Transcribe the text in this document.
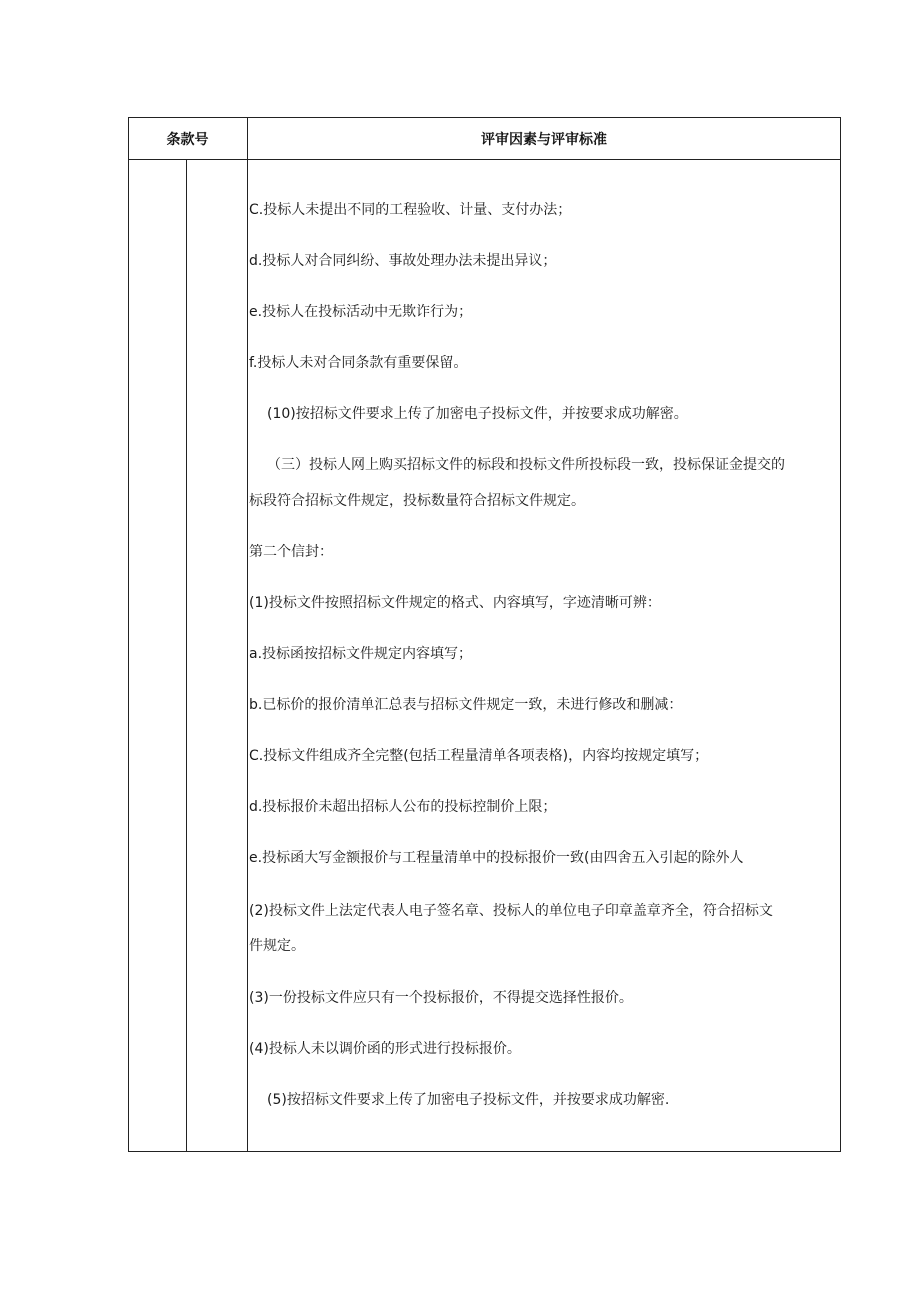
条款号	评审因素与评审标准
C.投标人未提出不同的工程验收、计量、支付办法；
d.投标人对合同纠纷、事故处理办法未提出异议；
e.投标人在投标活动中无欺诈行为；
f.投标人未对合同条款有重要保留。
(10)按招标文件要求上传了加密电子投标文件，并按要求成功解密。
（三）投标人网上购买招标文件的标段和投标文件所投标段一致，投标保证金提交的
标段符合招标文件规定，投标数量符合招标文件规定。
第二个信封：
(1)投标文件按照招标文件规定的格式、内容填写，字迹清晰可辨：
a.投标函按招标文件规定内容填写；
b.已标价的报价清单汇总表与招标文件规定一致，未进行修改和删减：
C.投标文件组成齐全完整(包括工程量清单各项表格)，内容均按规定填写；
d.投标报价未超出招标人公布的投标控制价上限；
e.投标函大写金额报价与工程量清单中的投标报价一致(由四舍五入引起的除外人
(2)投标文件上法定代表人电子签名章、投标人的单位电子印章盖章齐全，符合招标文
件规定。
(3)一份投标文件应只有一个投标报价，不得提交选择性报价。
(4)投标人未以调价函的形式进行投标报价。
(5)按招标文件要求上传了加密电子投标文件，并按要求成功解密.
